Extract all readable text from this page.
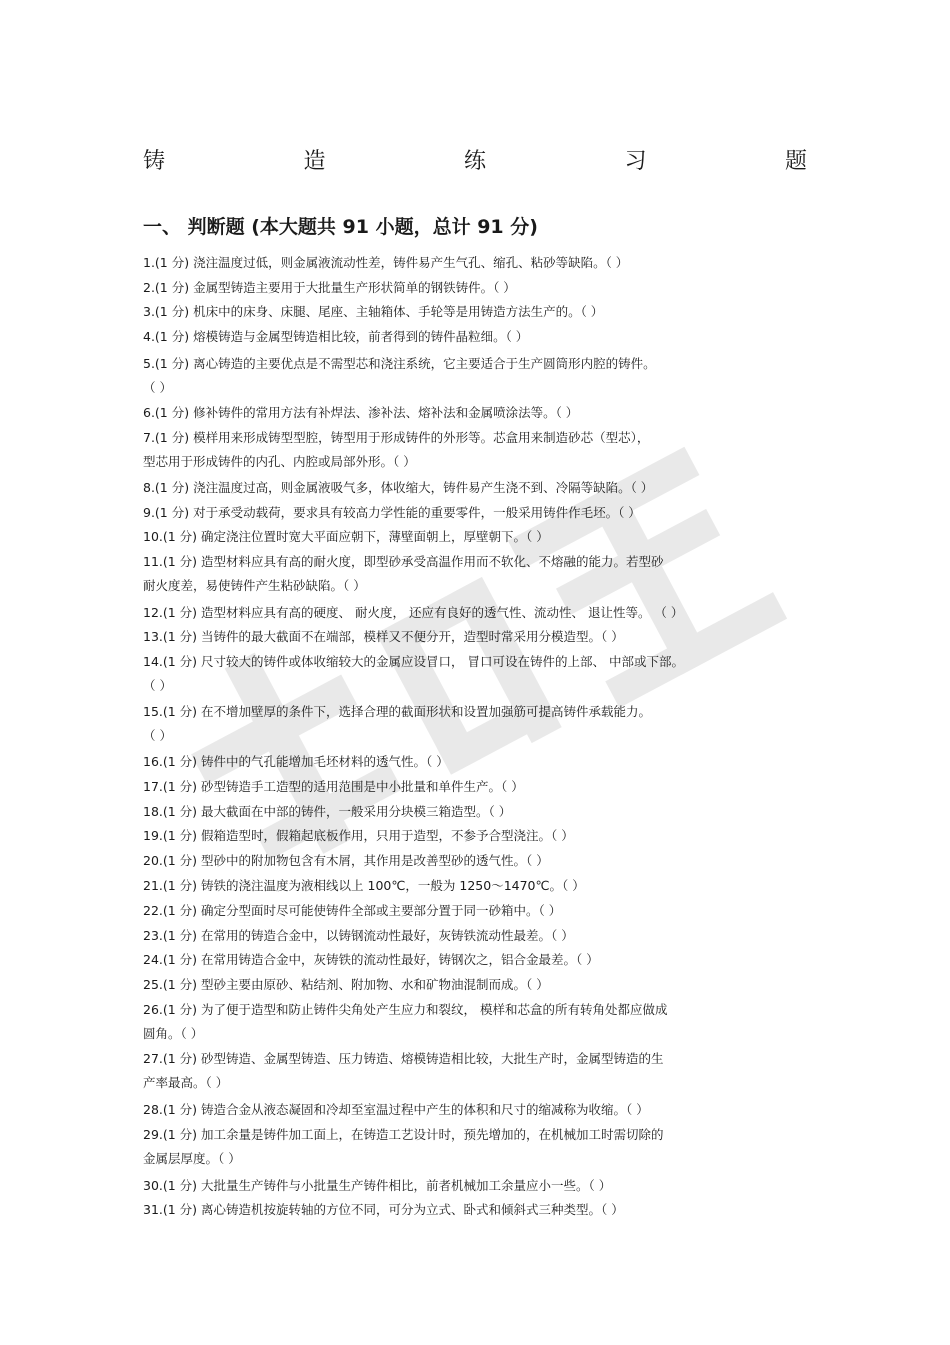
铸	造	练	习	题
一、 判断题 (本大题共 91 小题，总计 91 分)
1.(1 分) 浇注温度过低，则金属液流动性差，铸件易产生气孔、缩孔、粘砂等缺陷。（ ）
2.(1 分) 金属型铸造主要用于大批量生产形状简单的钢铁铸件。（ ）
3.(1 分) 机床中的床身、床腿、尾座、主轴箱体、手轮等是用铸造方法生产的。（ ）
4.(1 分) 熔模铸造与金属型铸造相比较，前者得到的铸件晶粒细。（ ）
5.(1 分) 离心铸造的主要优点是不需型芯和浇注系统，它主要适合于生产圆筒形内腔的铸件。
（ ）
6.(1 分) 修补铸件的常用方法有补焊法、渗补法、熔补法和金属喷涂法等。（ ）
7.(1 分) 模样用来形成铸型型腔，铸型用于形成铸件的外形等。芯盒用来制造砂芯（型芯），
型芯用于形成铸件的内孔、内腔或局部外形。（ ）
8.(1 分) 浇注温度过高，则金属液吸气多，体收缩大，铸件易产生浇不到、冷隔等缺陷。（ ）
9.(1 分) 对于承受动载荷，要求具有较高力学性能的重要零件，一般采用铸件作毛坯。（ ）
10.(1 分) 确定浇注位置时宽大平面应朝下，薄壁面朝上，厚壁朝下。（ ）
11.(1 分) 造型材料应具有高的耐火度，即型砂承受高温作用而不软化、不熔融的能力。若型砂
耐火度差，易使铸件产生粘砂缺陷。（ ）
12.(1 分) 造型材料应具有高的硬度、 耐火度， 还应有良好的透气性、流动性、 退让性等。 （ ）
13.(1 分) 当铸件的最大截面不在端部，模样又不便分开，造型时常采用分模造型。（ ）
14.(1 分) 尺寸较大的铸件或体收缩较大的金属应设冒口， 冒口可设在铸件的上部、 中部或下部。
（ ）
15.(1 分) 在不增加壁厚的条件下，选择合理的截面形状和设置加强筋可提高铸件承载能力。
（ ）
16.(1 分) 铸件中的气孔能增加毛坯材料的透气性。（ ）
17.(1 分) 砂型铸造手工造型的适用范围是中小批量和单件生产。（ ）
18.(1 分) 最大截面在中部的铸件，一般采用分块模三箱造型。（ ）
19.(1 分) 假箱造型时，假箱起底板作用，只用于造型，不参予合型浇注。（ ）
20.(1 分) 型砂中的附加物包含有木屑，其作用是改善型砂的透气性。（ ）
21.(1 分) 铸铁的浇注温度为液相线以上 100℃，一般为 1250～1470℃。（ ）
22.(1 分) 确定分型面时尽可能使铸件全部或主要部分置于同一砂箱中。（ ）
23.(1 分) 在常用的铸造合金中，以铸钢流动性最好，灰铸铁流动性最差。（ ）
24.(1 分) 在常用铸造合金中，灰铸铁的流动性最好，铸钢次之，铝合金最差。（ ）
25.(1 分) 型砂主要由原砂、粘结剂、附加物、水和矿物油混制而成。（ ）
26.(1 分) 为了便于造型和防止铸件尖角处产生应力和裂纹， 模样和芯盒的所有转角处都应做成
圆角。（ ）
27.(1 分) 砂型铸造、金属型铸造、压力铸造、熔模铸造相比较，大批生产时，金属型铸造的生
产率最高。（ ）
28.(1 分) 铸造合金从液态凝固和冷却至室温过程中产生的体积和尺寸的缩减称为收缩。（ ）
29.(1 分) 加工余量是铸件加工面上，在铸造工艺设计时，预先增加的，在机械加工时需切除的
金属层厚度。（ ）
30.(1 分) 大批量生产铸件与小批量生产铸件相比，前者机械加工余量应小一些。（ ）
31.(1 分) 离心铸造机按旋转轴的方位不同，可分为立式、卧式和倾斜式三种类型。（ ）
